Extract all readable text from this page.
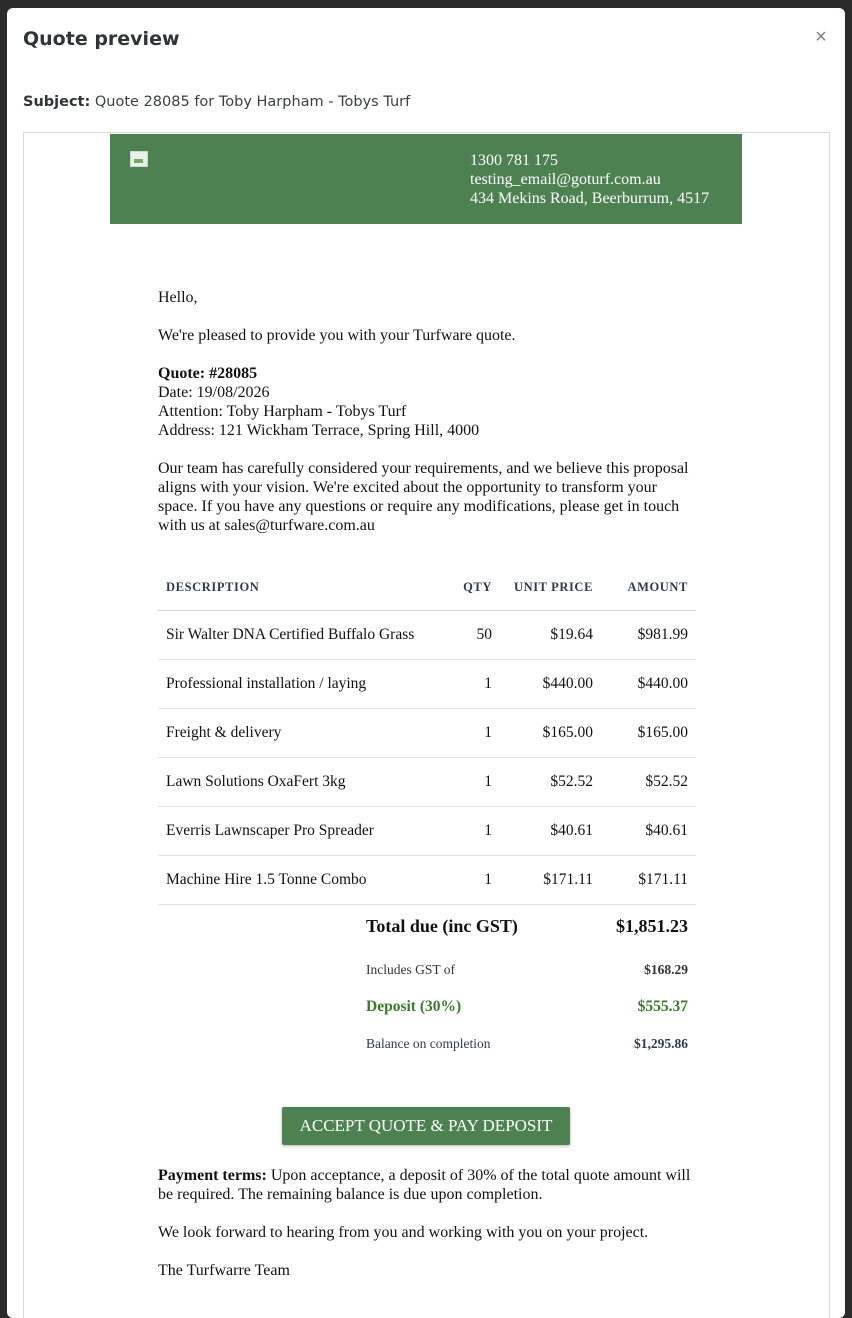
Quote preview	×
Subject: Quote 28085 for Toby Harpham - Tobys Turf
1300 781 175
testing_email@goturf.com.au
434 Mekins Road, Beerburrum, 4517

Hello,

We're pleased to provide you with your Turfware quote.

Quote: #28085

Date: 19/08/2026

Attention: Toby Harpham - Tobys Turf

Address: 121 Wickham Terrace, Spring Hill, 4000

Our team has carefully considered your requirements, and we believe this proposal aligns with your vision. We're excited about the opportunity to transform your space. If you have any questions or require any modifications, please get in touch with us at sales@turfware.com.au

DESCRIPTION	QTY	UNIT PRICE	AMOUNT
Sir Walter DNA Certified Buffalo Grass	50	$19.64	$981.99
Professional installation / laying	1	$440.00	$440.00
Freight & delivery	1	$165.00	$165.00
Lawn Solutions OxaFert 3kg	1	$52.52	$52.52
Everris Lawnscaper Pro Spreader	1	$40.61	$40.61
Machine Hire 1.5 Tonne Combo	1	$171.11	$171.11
Total due (inc GST)	$1,851.23
Includes GST of	$168.29
Deposit (30%)	$555.37
Balance on completion	$1,295.86
ACCEPT QUOTE & PAY DEPOSIT

Payment terms: Upon acceptance, a deposit of 30% of the total quote amount will be required. The remaining balance is due upon completion.

We look forward to hearing from you and working with you on your project.

The Turfwarre Team
